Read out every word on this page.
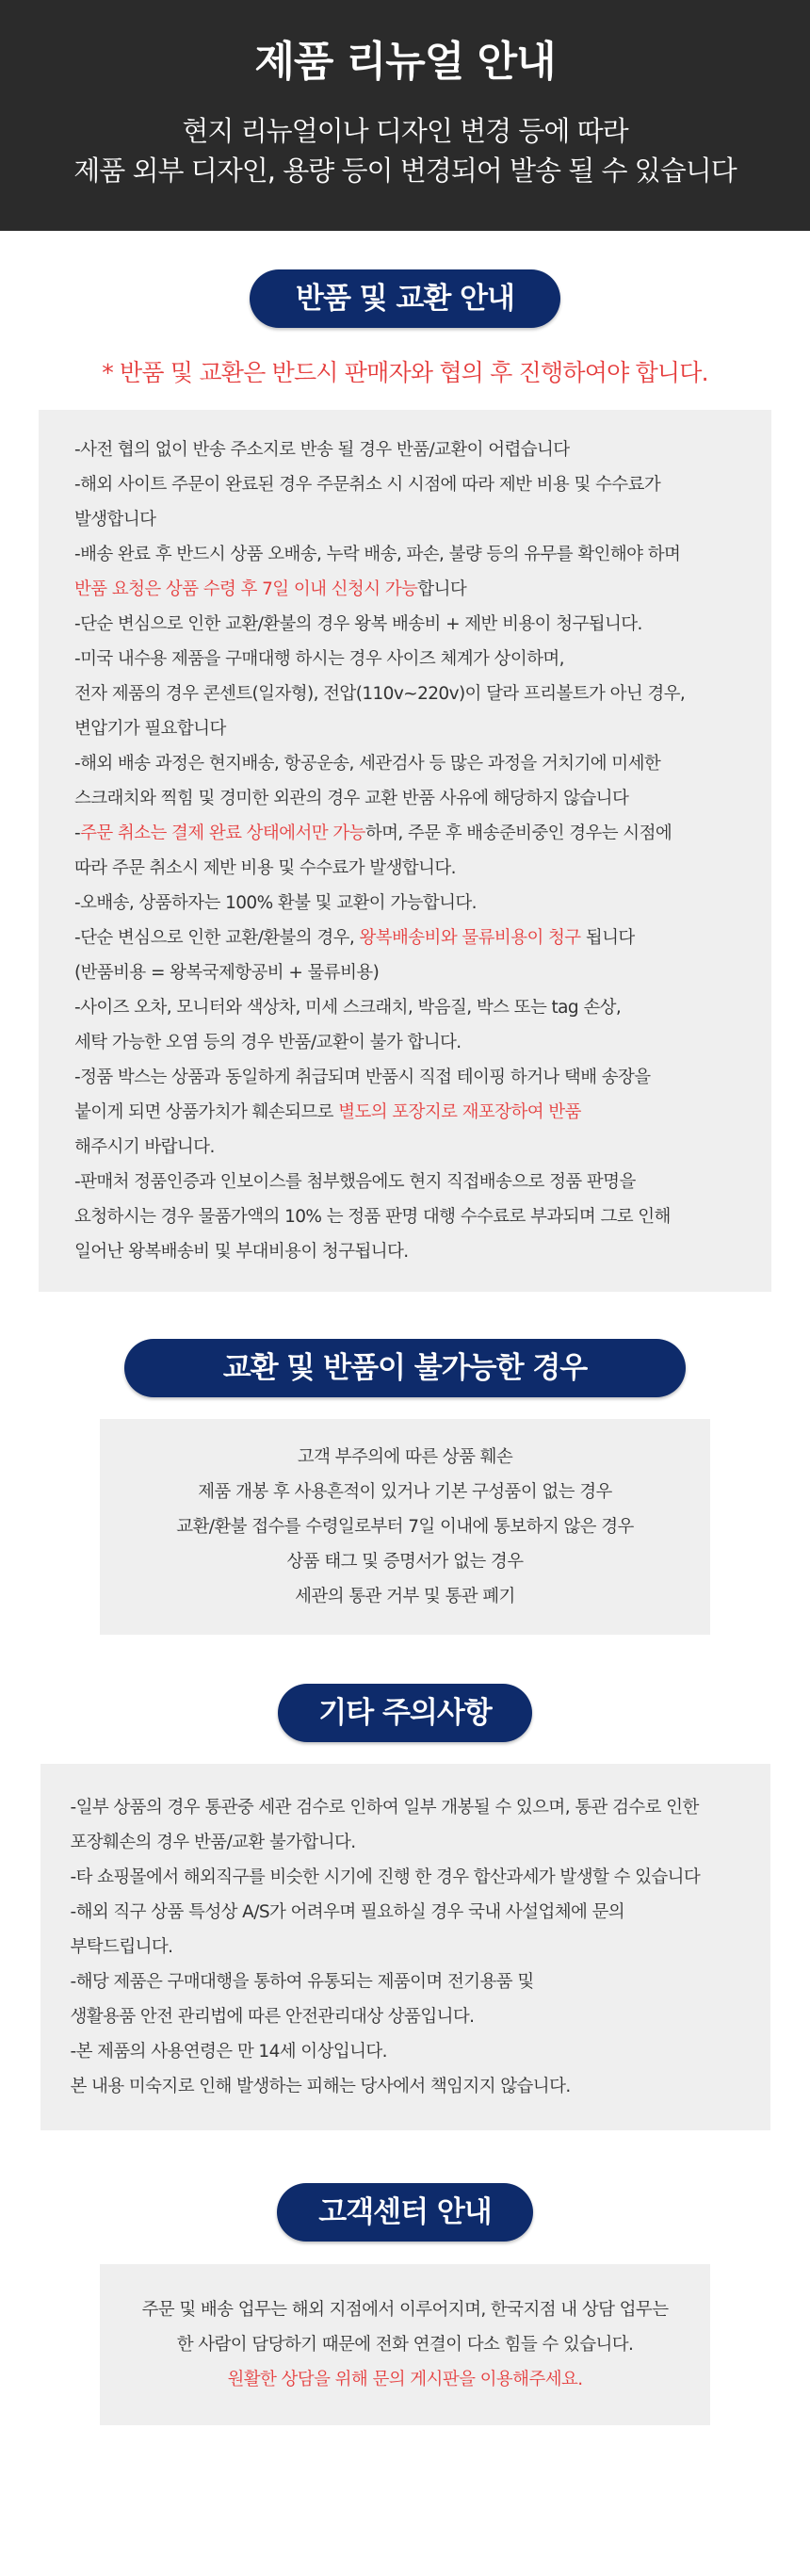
제품 리뉴얼 안내
현지 리뉴얼이나 디자인 변경 등에 따라
제품 외부 디자인, 용량 등이 변경되어 발송 될 수 있습니다
반품 및 교환 안내
* 반품 및 교환은 반드시 판매자와 협의 후 진행하여야 합니다.
-사전 협의 없이 반송 주소지로 반송 될 경우 반품/교환이 어렵습니다
-해외 사이트 주문이 완료된 경우 주문취소 시 시점에 따라 제반 비용 및 수수료가
발생합니다
-배송 완료 후 반드시 상품 오배송, 누락 배송, 파손, 불량 등의 유무를 확인해야 하며
반품 요청은 상품 수령 후 7일 이내 신청시 가능합니다
-단순 변심으로 인한 교환/환불의 경우 왕복 배송비 + 제반 비용이 청구됩니다.
-미국 내수용 제품을 구매대행 하시는 경우 사이즈 체계가 상이하며,
전자 제품의 경우 콘센트(일자형), 전압(110v~220v)이 달라 프리볼트가 아닌 경우,
변압기가 필요합니다
-해외 배송 과정은 현지배송, 항공운송, 세관검사 등 많은 과정을 거치기에 미세한
스크래치와 찍힘 및 경미한 외관의 경우 교환 반품 사유에 해당하지 않습니다
-주문 취소는 결제 완료 상태에서만 가능하며, 주문 후 배송준비중인 경우는 시점에
따라 주문 취소시 제반 비용 및 수수료가 발생합니다.
-오배송, 상품하자는 100% 환불 및 교환이 가능합니다.
-단순 변심으로 인한 교환/환불의 경우, 왕복배송비와 물류비용이 청구 됩니다
(반품비용 = 왕복국제항공비 + 물류비용)
-사이즈 오차, 모니터와 색상차, 미세 스크래치, 박음질, 박스 또는 tag 손상,
세탁 가능한 오염 등의 경우 반품/교환이 불가 합니다.
-정품 박스는 상품과 동일하게 취급되며 반품시 직접 테이핑 하거나 택배 송장을
붙이게 되면 상품가치가 훼손되므로 별도의 포장지로 재포장하여 반품
해주시기 바랍니다.
-판매처 정품인증과 인보이스를 첨부했음에도 현지 직접배송으로 정품 판명을
요청하시는 경우 물품가액의 10% 는 정품 판명 대행 수수료로 부과되며 그로 인해
일어난 왕복배송비 및 부대비용이 청구됩니다.
교환 및 반품이 불가능한 경우
고객 부주의에 따른 상품 훼손
제품 개봉 후 사용흔적이 있거나 기본 구성품이 없는 경우
교환/환불 접수를 수령일로부터 7일 이내에 통보하지 않은 경우
상품 태그 및 증명서가 없는 경우
세관의 통관 거부 및 통관 폐기
기타 주의사항
-일부 상품의 경우 통관중 세관 검수로 인하여 일부 개봉될 수 있으며, 통관 검수로 인한
포장훼손의 경우 반품/교환 불가합니다.
-타 쇼핑몰에서 해외직구를 비슷한 시기에 진행 한 경우 합산과세가 발생할 수 있습니다
-해외 직구 상품 특성상 A/S가 어려우며 필요하실 경우 국내 사설업체에 문의
부탁드립니다.
-해당 제품은 구매대행을 통하여 유통되는 제품이며 전기용품 및
생활용품 안전 관리법에 따른 안전관리대상 상품입니다.
-본 제품의 사용연령은 만 14세 이상입니다.
본 내용 미숙지로 인해 발생하는 피해는 당사에서 책임지지 않습니다.
고객센터 안내
주문 및 배송 업무는 해외 지점에서 이루어지며, 한국지점 내 상담 업무는
한 사람이 담당하기 때문에 전화 연결이 다소 힘들 수 있습니다.
원활한 상담을 위해 문의 게시판을 이용해주세요.
